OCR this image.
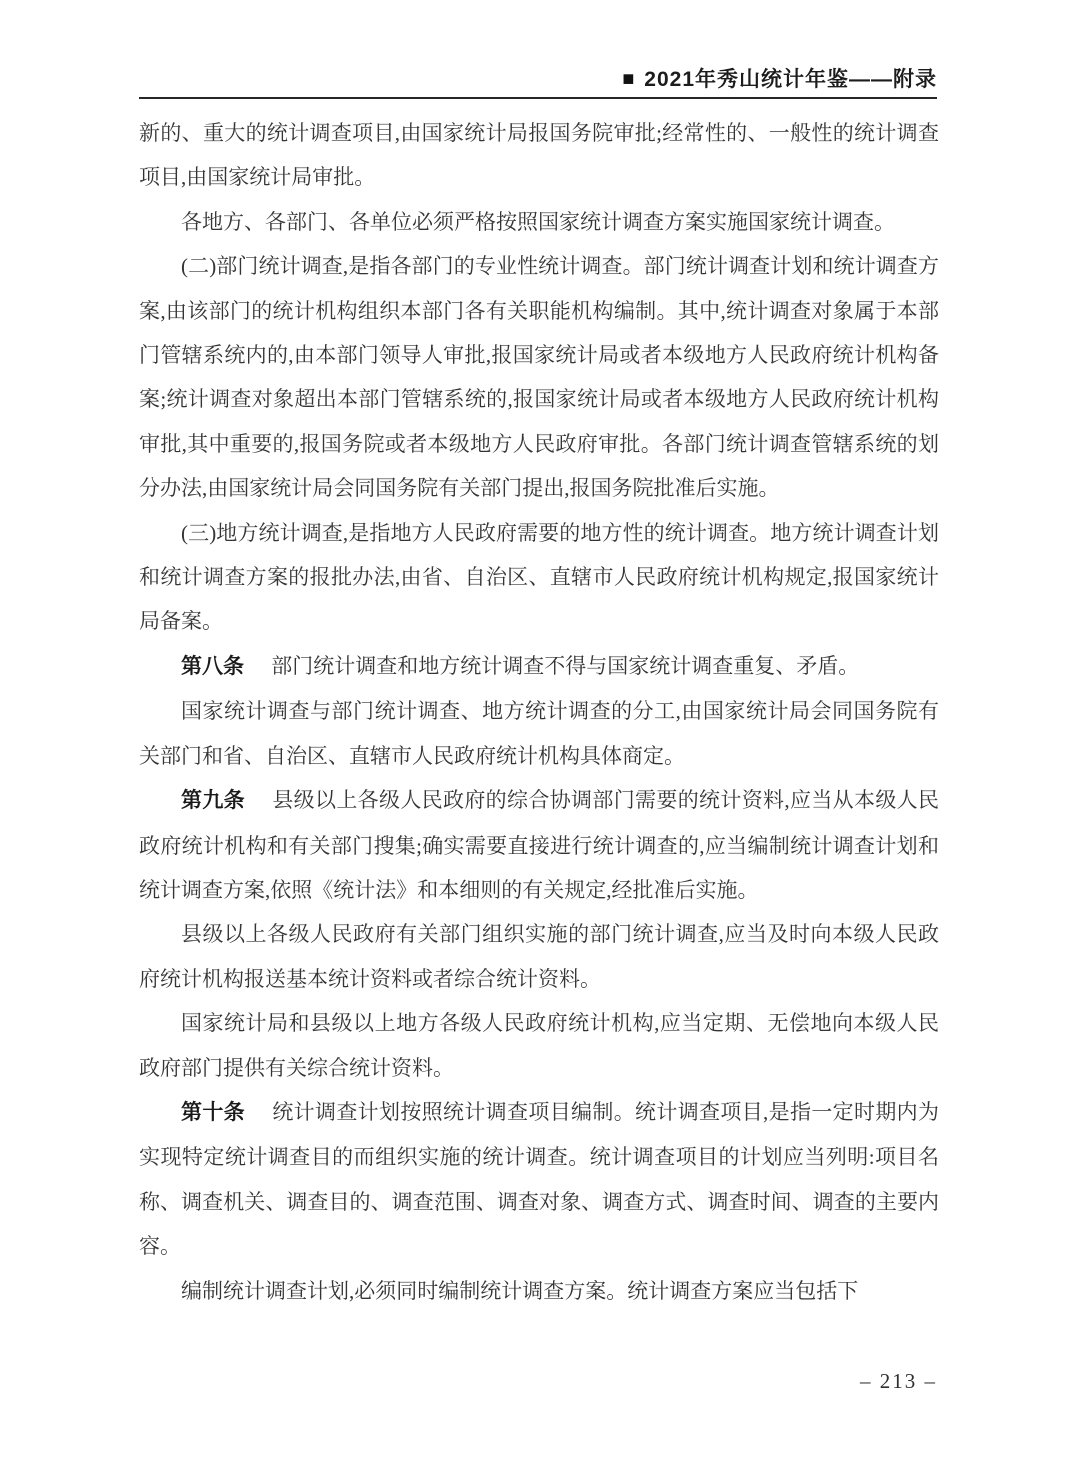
■ 2021年秀山统计年鉴——附录

新的、重大的统计调查项目,由国家统计局报国务院审批;经常性的、一般性的统计调查项目,由国家统计局审批。

各地方、各部门、各单位必须严格按照国家统计调查方案实施国家统计调查。

(二)部门统计调查,是指各部门的专业性统计调查。部门统计调查计划和统计调查方案,由该部门的统计机构组织本部门各有关职能机构编制。其中,统计调查对象属于本部门管辖系统内的,由本部门领导人审批,报国家统计局或者本级地方人民政府统计机构备案;统计调查对象超出本部门管辖系统的,报国家统计局或者本级地方人民政府统计机构审批,其中重要的,报国务院或者本级地方人民政府审批。各部门统计调查管辖系统的划分办法,由国家统计局会同国务院有关部门提出,报国务院批准后实施。

(三)地方统计调查,是指地方人民政府需要的地方性的统计调查。地方统计调查计划和统计调查方案的报批办法,由省、自治区、直辖市人民政府统计机构规定,报国家统计局备案。

第八条 部门统计调查和地方统计调查不得与国家统计调查重复、矛盾。

国家统计调查与部门统计调查、地方统计调查的分工,由国家统计局会同国务院有关部门和省、自治区、直辖市人民政府统计机构具体商定。

第九条 县级以上各级人民政府的综合协调部门需要的统计资料,应当从本级人民政府统计机构和有关部门搜集;确实需要直接进行统计调查的,应当编制统计调查计划和统计调查方案,依照《统计法》和本细则的有关规定,经批准后实施。

县级以上各级人民政府有关部门组织实施的部门统计调查,应当及时向本级人民政府统计机构报送基本统计资料或者综合统计资料。

国家统计局和县级以上地方各级人民政府统计机构,应当定期、无偿地向本级人民政府部门提供有关综合统计资料。

第十条 统计调查计划按照统计调查项目编制。统计调查项目,是指一定时期内为实现特定统计调查目的而组织实施的统计调查。统计调查项目的计划应当列明:项目名称、调查机关、调查目的、调查范围、调查对象、调查方式、调查时间、调查的主要内容。

编制统计调查计划,必须同时编制统计调查方案。统计调查方案应当包括下

– 213 –
